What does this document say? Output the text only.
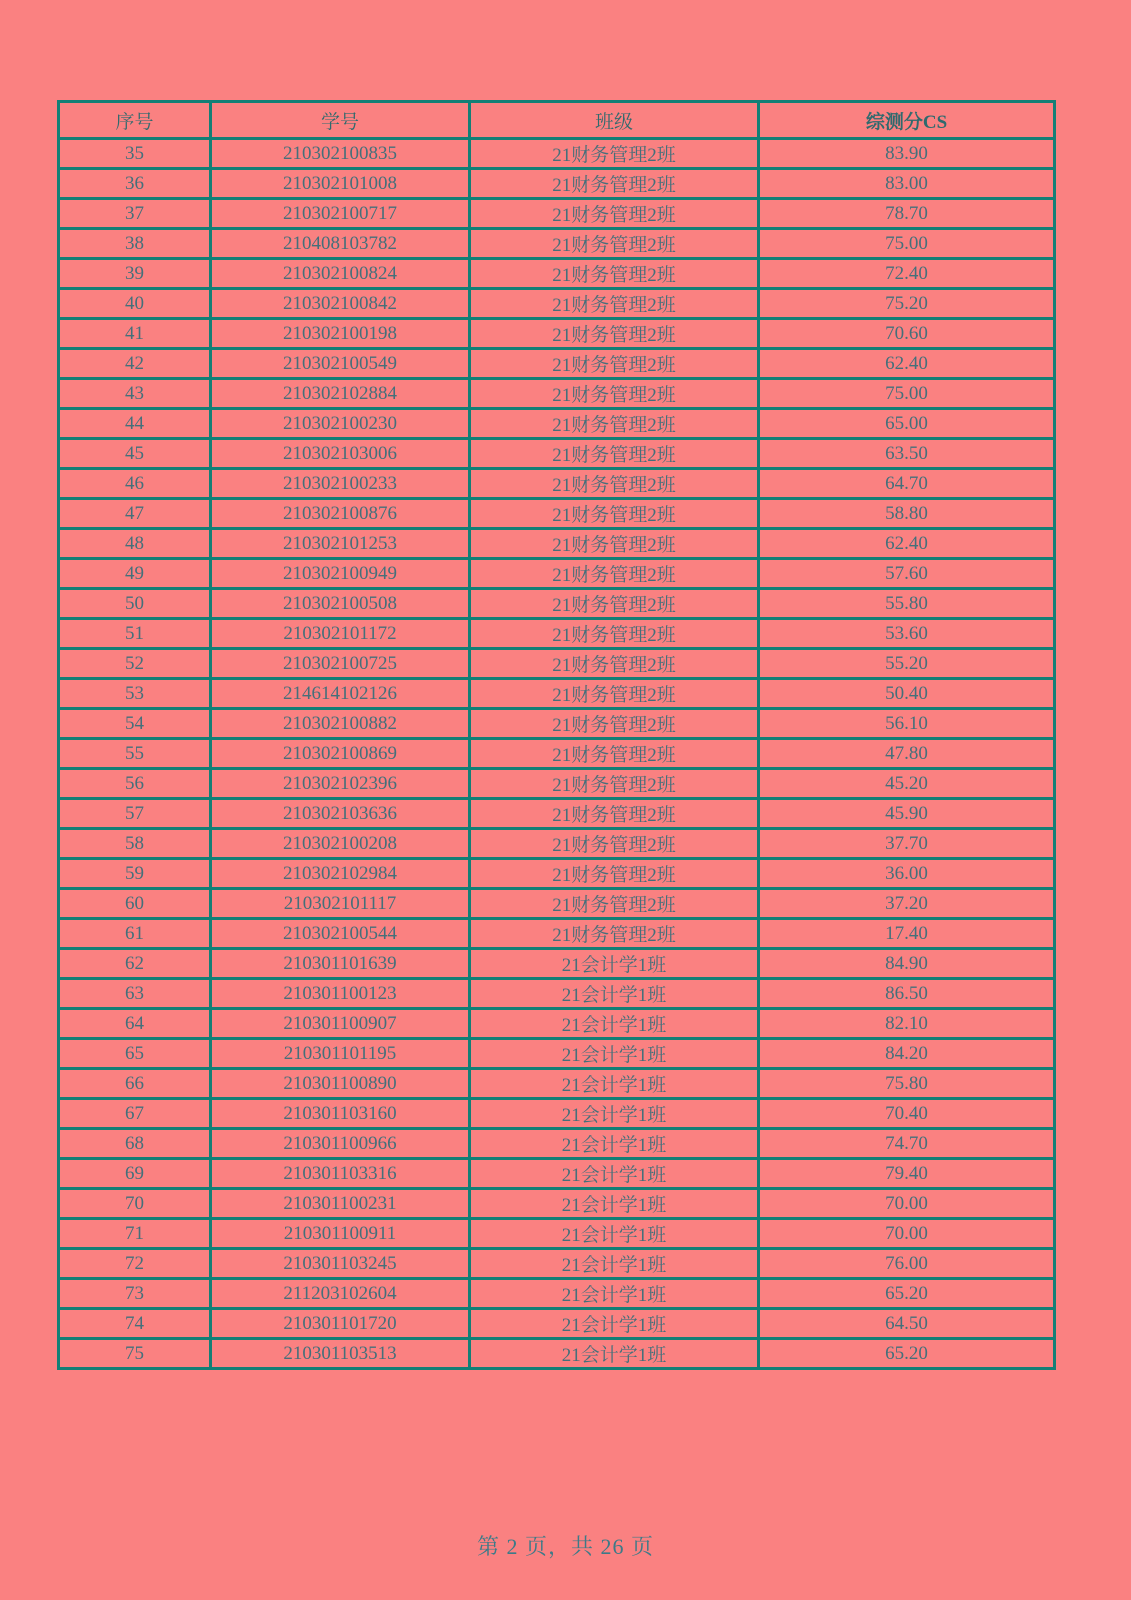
序号	学号	班级	综测分CS
35	210302100835	21财务管理2班	83.90
36	210302101008	21财务管理2班	83.00
37	210302100717	21财务管理2班	78.70
38	210408103782	21财务管理2班	75.00
39	210302100824	21财务管理2班	72.40
40	210302100842	21财务管理2班	75.20
41	210302100198	21财务管理2班	70.60
42	210302100549	21财务管理2班	62.40
43	210302102884	21财务管理2班	75.00
44	210302100230	21财务管理2班	65.00
45	210302103006	21财务管理2班	63.50
46	210302100233	21财务管理2班	64.70
47	210302100876	21财务管理2班	58.80
48	210302101253	21财务管理2班	62.40
49	210302100949	21财务管理2班	57.60
50	210302100508	21财务管理2班	55.80
51	210302101172	21财务管理2班	53.60
52	210302100725	21财务管理2班	55.20
53	214614102126	21财务管理2班	50.40
54	210302100882	21财务管理2班	56.10
55	210302100869	21财务管理2班	47.80
56	210302102396	21财务管理2班	45.20
57	210302103636	21财务管理2班	45.90
58	210302100208	21财务管理2班	37.70
59	210302102984	21财务管理2班	36.00
60	210302101117	21财务管理2班	37.20
61	210302100544	21财务管理2班	17.40
62	210301101639	21会计学1班	84.90
63	210301100123	21会计学1班	86.50
64	210301100907	21会计学1班	82.10
65	210301101195	21会计学1班	84.20
66	210301100890	21会计学1班	75.80
67	210301103160	21会计学1班	70.40
68	210301100966	21会计学1班	74.70
69	210301103316	21会计学1班	79.40
70	210301100231	21会计学1班	70.00
71	210301100911	21会计学1班	70.00
72	210301103245	21会计学1班	76.00
73	211203102604	21会计学1班	65.20
74	210301101720	21会计学1班	64.50
75	210301103513	21会计学1班	65.20
第 2 页，共 26 页
